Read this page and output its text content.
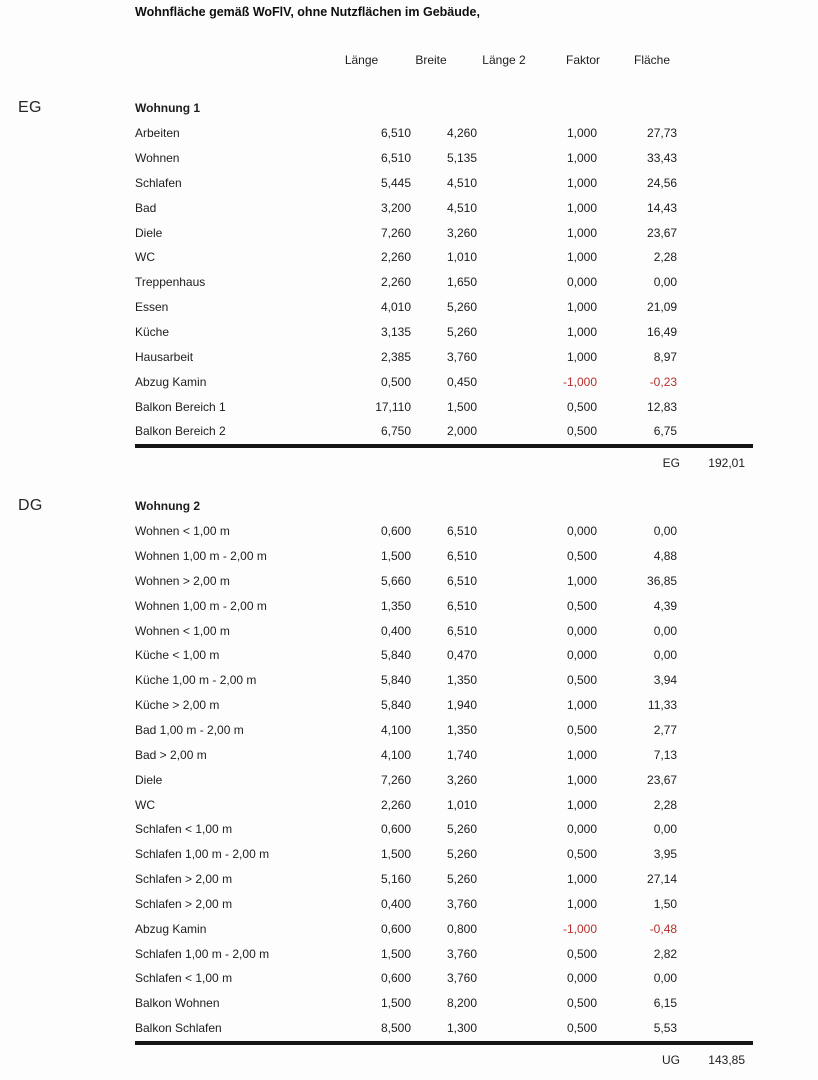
Wohnfläche gemäß WoFlV, ohne Nutzflächen im Gebäude,
Länge	Breite	Länge 2	Faktor	Fläche
EG	Wohnung 1					
Arbeiten	6,510	4,260		1,000	27,73
Wohnen	6,510	5,135		1,000	33,43
Schlafen	5,445	4,510		1,000	24,56
Bad	3,200	4,510		1,000	14,43
Diele	7,260	3,260		1,000	23,67
WC	2,260	1,010		1,000	2,28
Treppenhaus	2,260	1,650		0,000	0,00
Essen	4,010	5,260		1,000	21,09
Küche	3,135	5,260		1,000	16,49
Hausarbeit	2,385	3,760		1,000	8,97
Abzug Kamin	0,500	0,450		-1,000	-0,23
Balkon Bereich 1	17,110	1,500		0,500	12,83
Balkon Bereich 2	6,750	2,000		0,500	6,75
EG 192,01
DG	Wohnung 2					
Wohnen < 1,00 m	0,600	6,510		0,000	0,00
Wohnen 1,00 m - 2,00 m	1,500	6,510		0,500	4,88
Wohnen > 2,00 m	5,660	6,510		1,000	36,85
Wohnen 1,00 m - 2,00 m	1,350	6,510		0,500	4,39
Wohnen < 1,00 m	0,400	6,510		0,000	0,00
Küche < 1,00 m	5,840	0,470		0,000	0,00
Küche 1,00 m - 2,00 m	5,840	1,350		0,500	3,94
Küche > 2,00 m	5,840	1,940		1,000	11,33
Bad 1,00 m - 2,00 m	4,100	1,350		0,500	2,77
Bad > 2,00 m	4,100	1,740		1,000	7,13
Diele	7,260	3,260		1,000	23,67
WC	2,260	1,010		1,000	2,28
Schlafen < 1,00 m	0,600	5,260		0,000	0,00
Schlafen 1,00 m - 2,00 m	1,500	5,260		0,500	3,95
Schlafen > 2,00 m	5,160	5,260		1,000	27,14
Schlafen > 2,00 m	0,400	3,760		1,000	1,50
Abzug Kamin	0,600	0,800		-1,000	-0,48
Schlafen 1,00 m - 2,00 m	1,500	3,760		0,500	2,82
Schlafen < 1,00 m	0,600	3,760		0,000	0,00
Balkon Wohnen	1,500	8,200		0,500	6,15
Balkon Schlafen	8,500	1,300		0,500	5,53
UG 143,85
